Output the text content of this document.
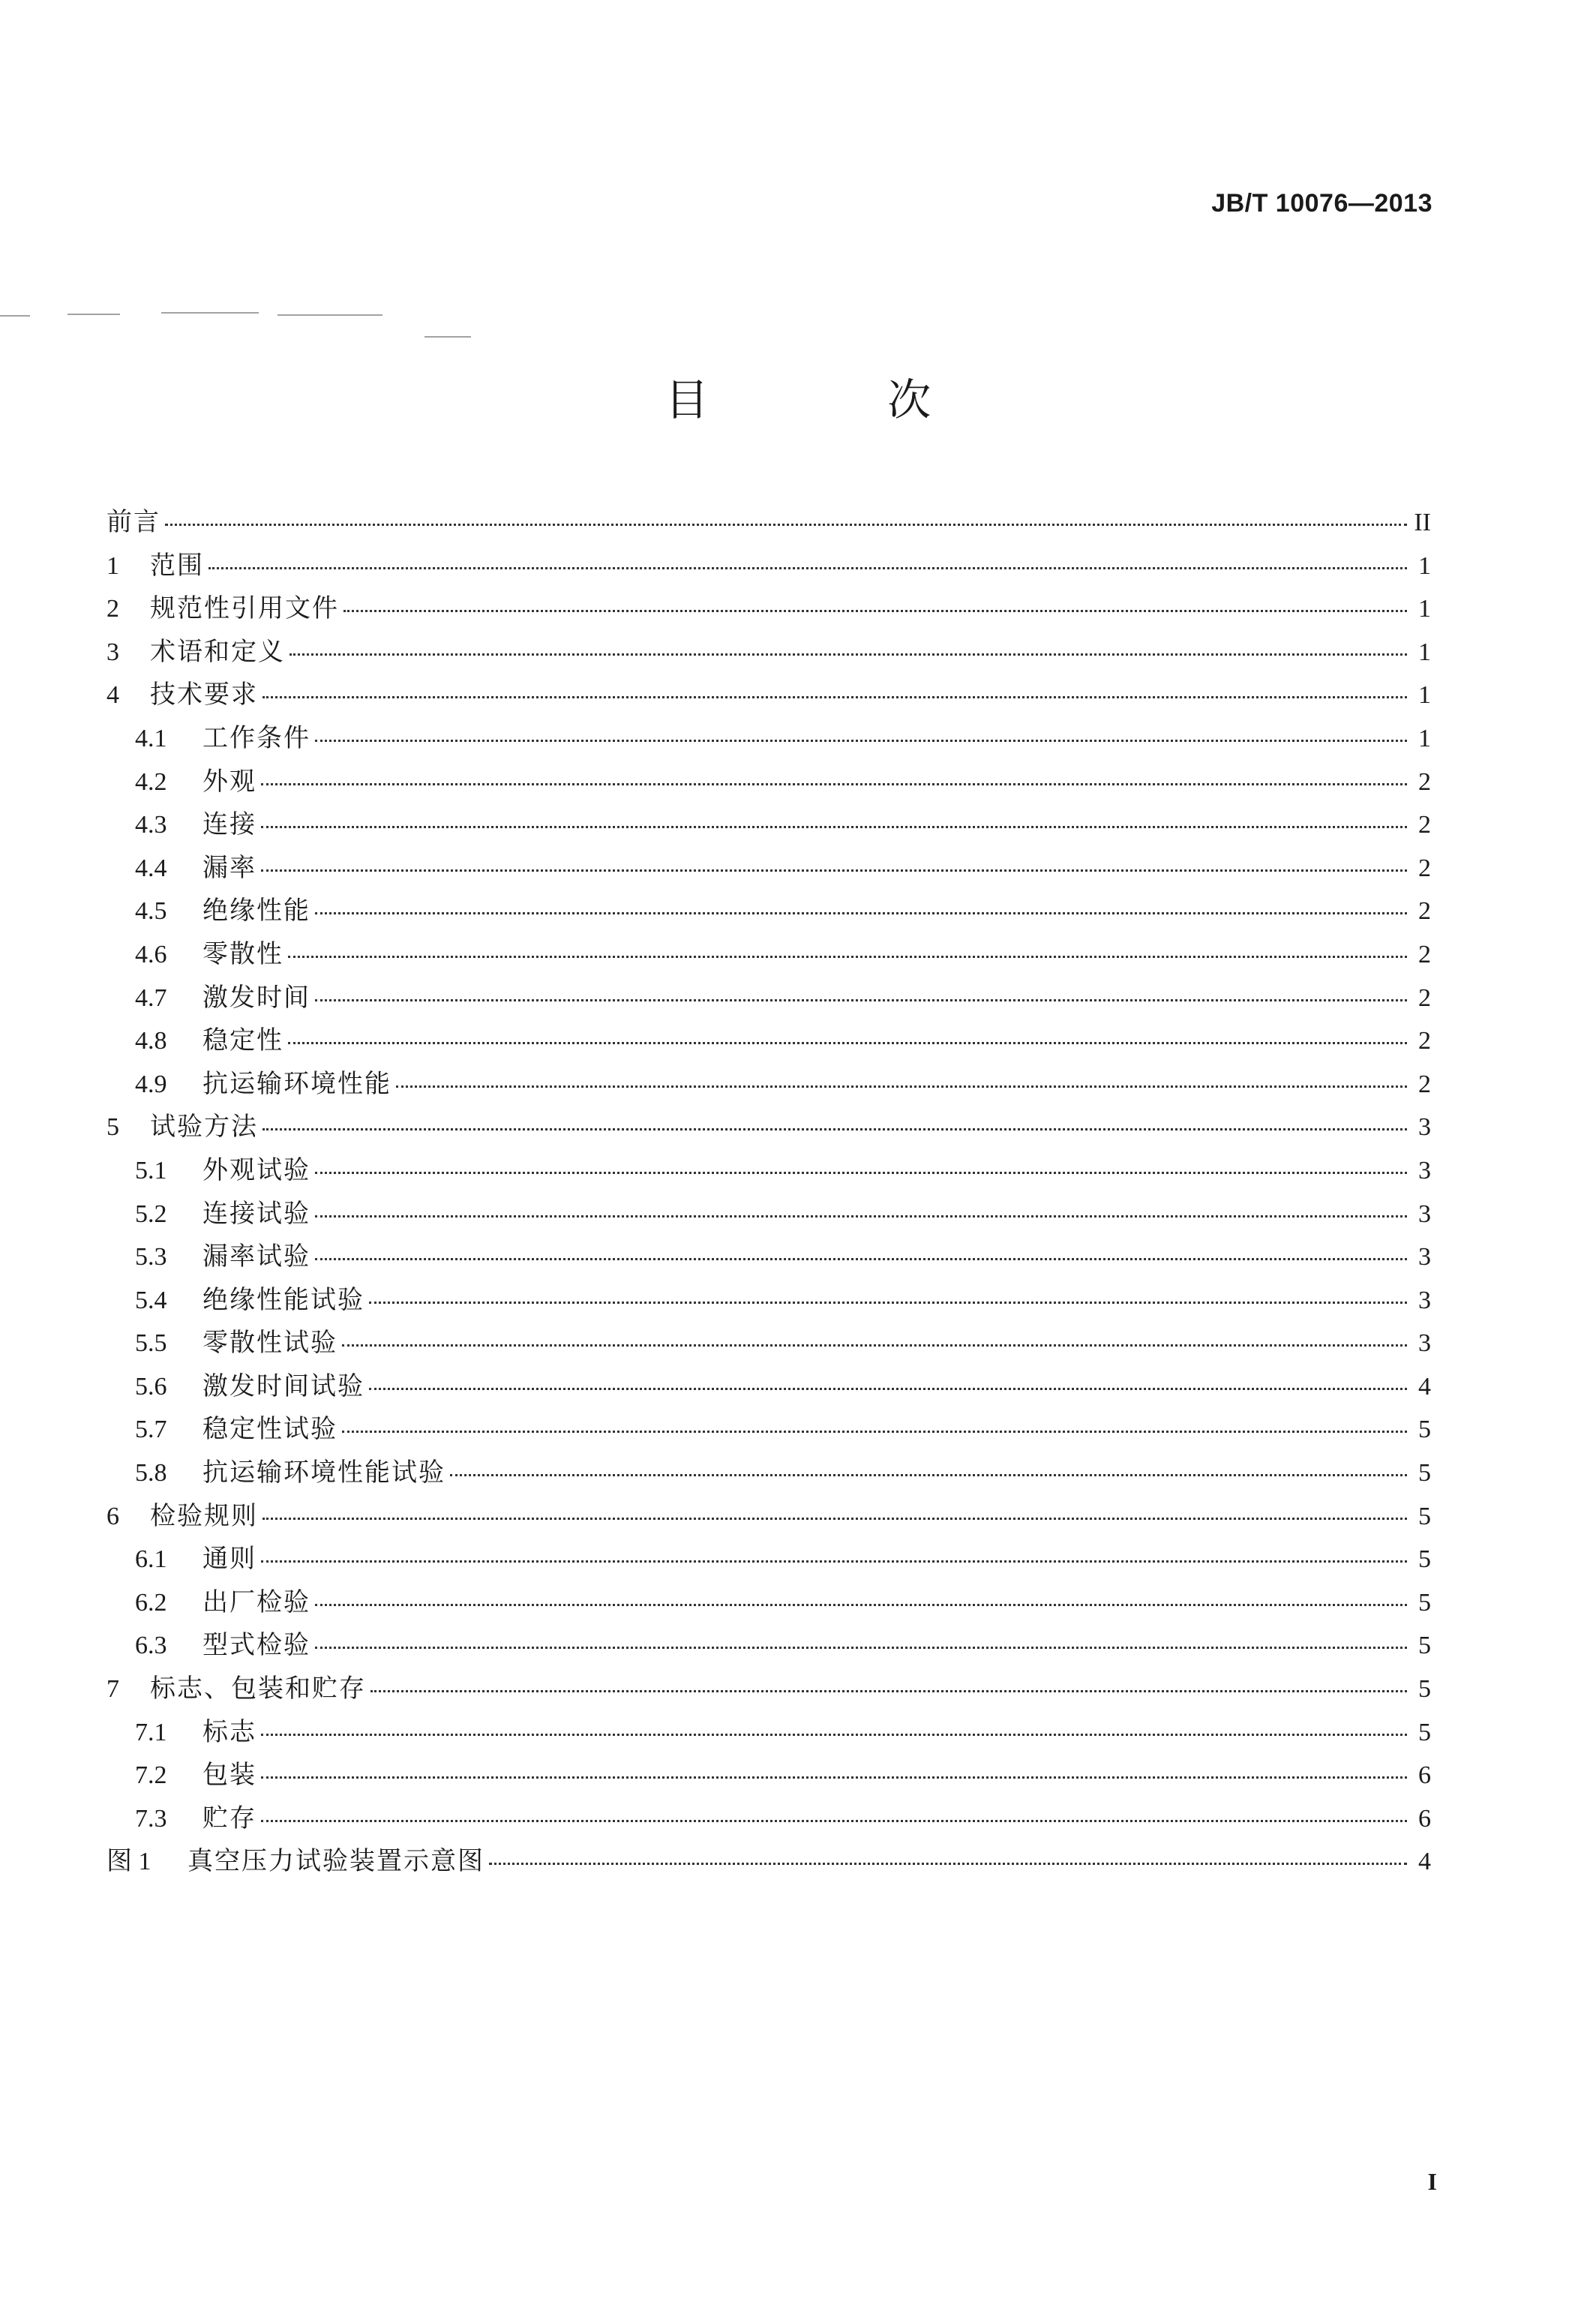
JB/T 10076—2013
目 次
前言	II
1	范围	1
2	规范性引用文件	1
3	术语和定义	1
4	技术要求	1
4.1	工作条件	1
4.2	外观	2
4.3	连接	2
4.4	漏率	2
4.5	绝缘性能	2
4.6	零散性	2
4.7	激发时间	2
4.8	稳定性	2
4.9	抗运输环境性能	2
5	试验方法	3
5.1	外观试验	3
5.2	连接试验	3
5.3	漏率试验	3
5.4	绝缘性能试验	3
5.5	零散性试验	3
5.6	激发时间试验	4
5.7	稳定性试验	5
5.8	抗运输环境性能试验	5
6	检验规则	5
6.1	通则	5
6.2	出厂检验	5
6.3	型式检验	5
7	标志、包装和贮存	5
7.1	标志	5
7.2	包装	6
7.3	贮存	6
图 1	真空压力试验装置示意图	4
I
